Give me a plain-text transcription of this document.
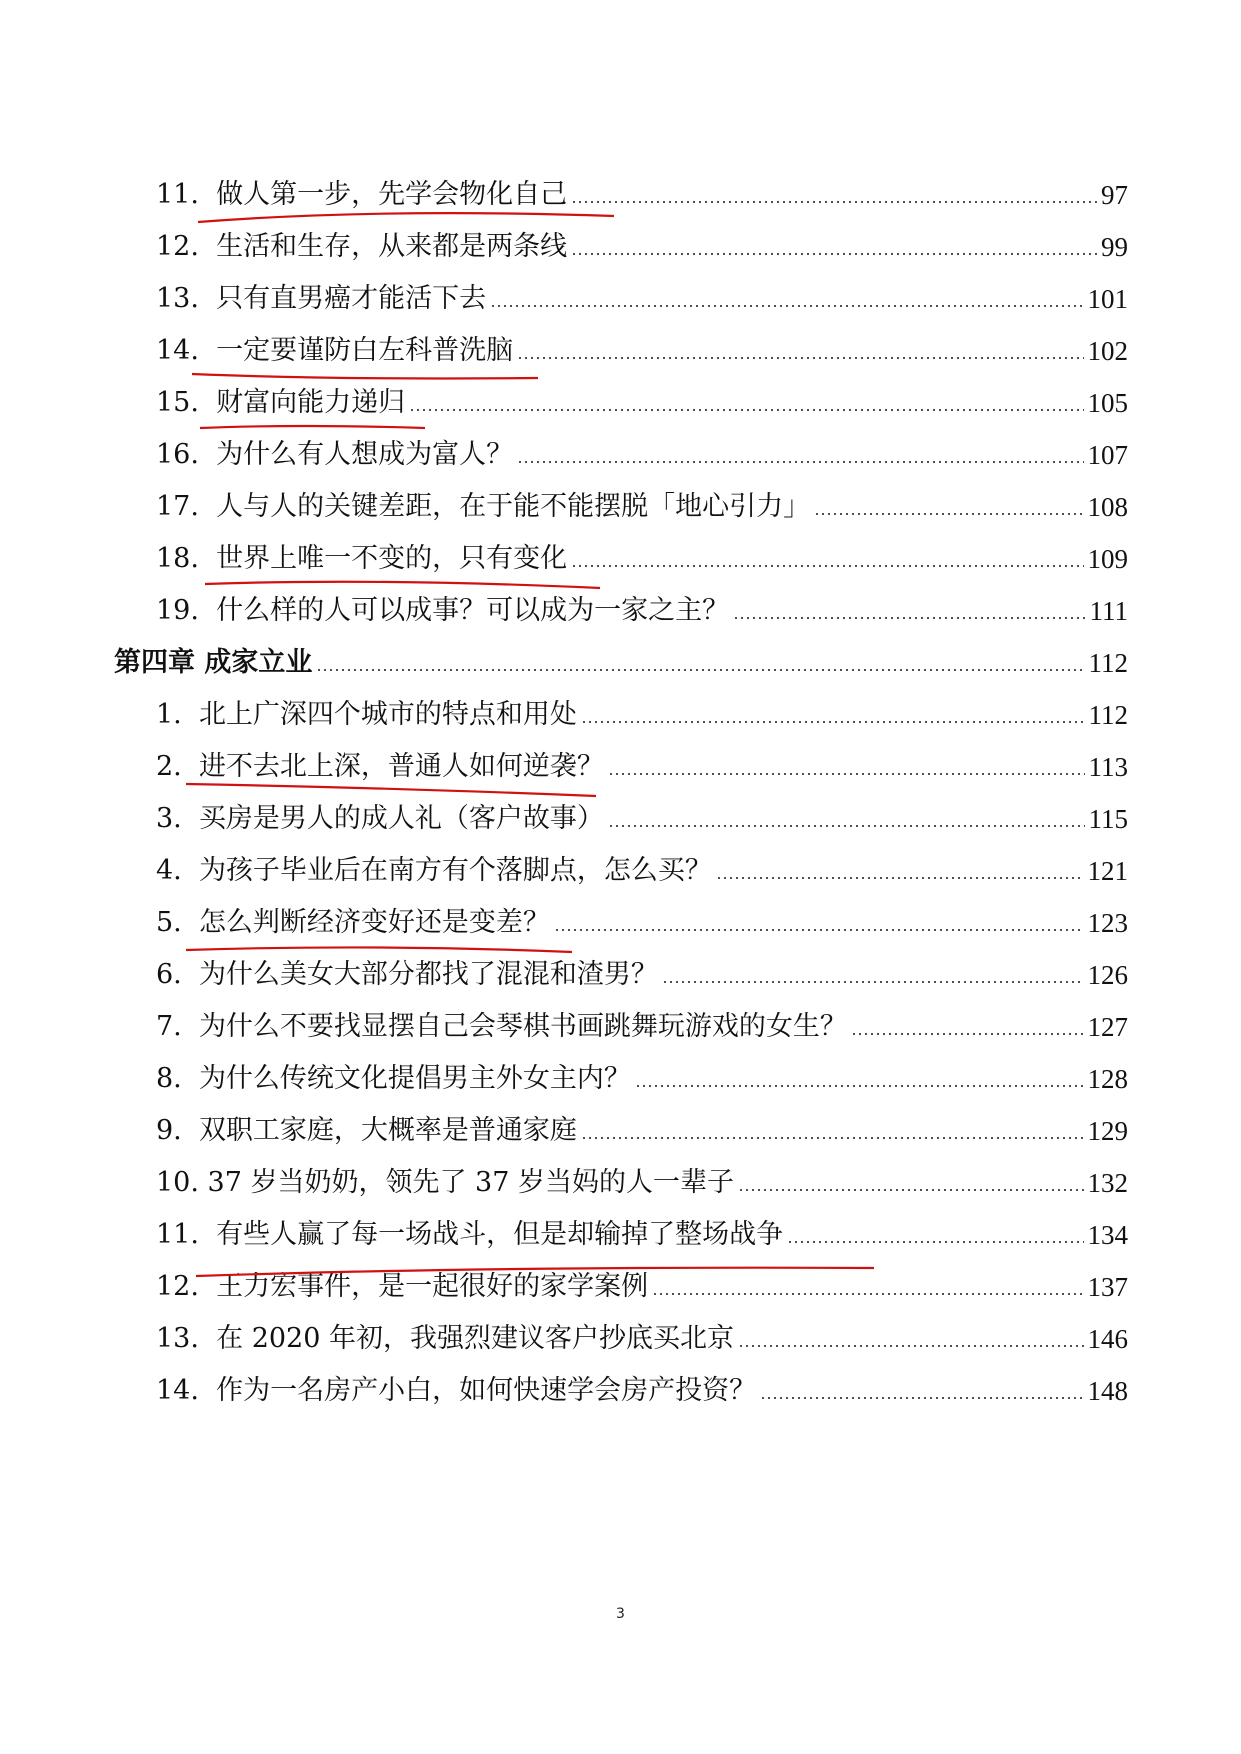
11. 做人第一步，先学会物化自己	97
12. 生活和生存，从来都是两条线	99
13. 只有直男癌才能活下去	101
14. 一定要谨防白左科普洗脑	102
15. 财富向能力递归	105
16. 为什么有人想成为富人？	107
17. 人与人的关键差距，在于能不能摆脱「地心引力」	108
18. 世界上唯一不变的，只有变化	109
19. 什么样的人可以成事？可以成为一家之主？	111
第四章 成家立业	112
1. 北上广深四个城市的特点和用处	112
2. 进不去北上深，普通人如何逆袭？	113
3. 买房是男人的成人礼（客户故事）	115
4. 为孩子毕业后在南方有个落脚点，怎么买？	121
5. 怎么判断经济变好还是变差？	123
6. 为什么美女大部分都找了混混和渣男？	126
7. 为什么不要找显摆自己会琴棋书画跳舞玩游戏的女生？	127
8. 为什么传统文化提倡男主外女主内？	128
9. 双职工家庭，大概率是普通家庭	129
10. 37 岁当奶奶，领先了 37 岁当妈的人一辈子	132
11. 有些人赢了每一场战斗，但是却输掉了整场战争	134
12. 王力宏事件，是一起很好的家学案例	137
13. 在 2020 年初，我强烈建议客户抄底买北京	146
14. 作为一名房产小白，如何快速学会房产投资？	148
3
